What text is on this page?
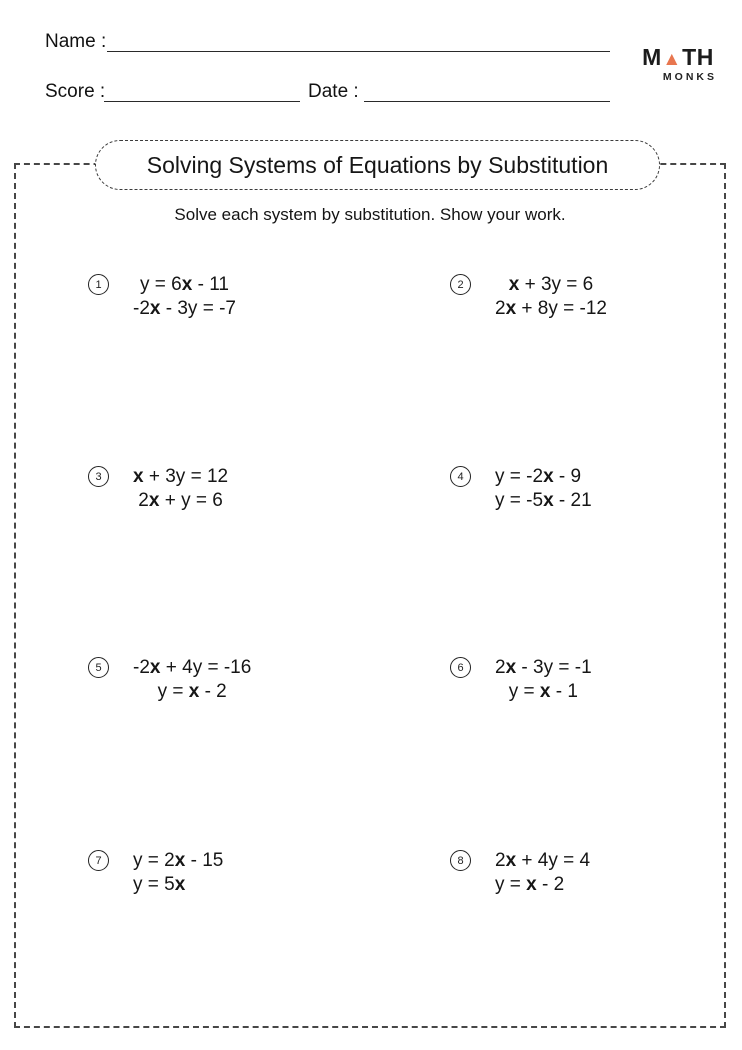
Name :
Score :	Date :
M ▲ TH
MONKS
Solving Systems of Equations by Substitution

Solve each system by substitution. Show your work.

1	y = 6x - 11
-2x - 3y = -7
2	x + 3y = 6
2x + 8y = -12
3	x + 3y = 12
2x + y = 6
4	y = -2x - 9
y = -5x - 21
5	-2x + 4y = -16
y = x - 2
6	2x - 3y = -1
y = x - 1
7	y = 2x - 15
y = 5x
8	2x + 4y = 4
y = x - 2
